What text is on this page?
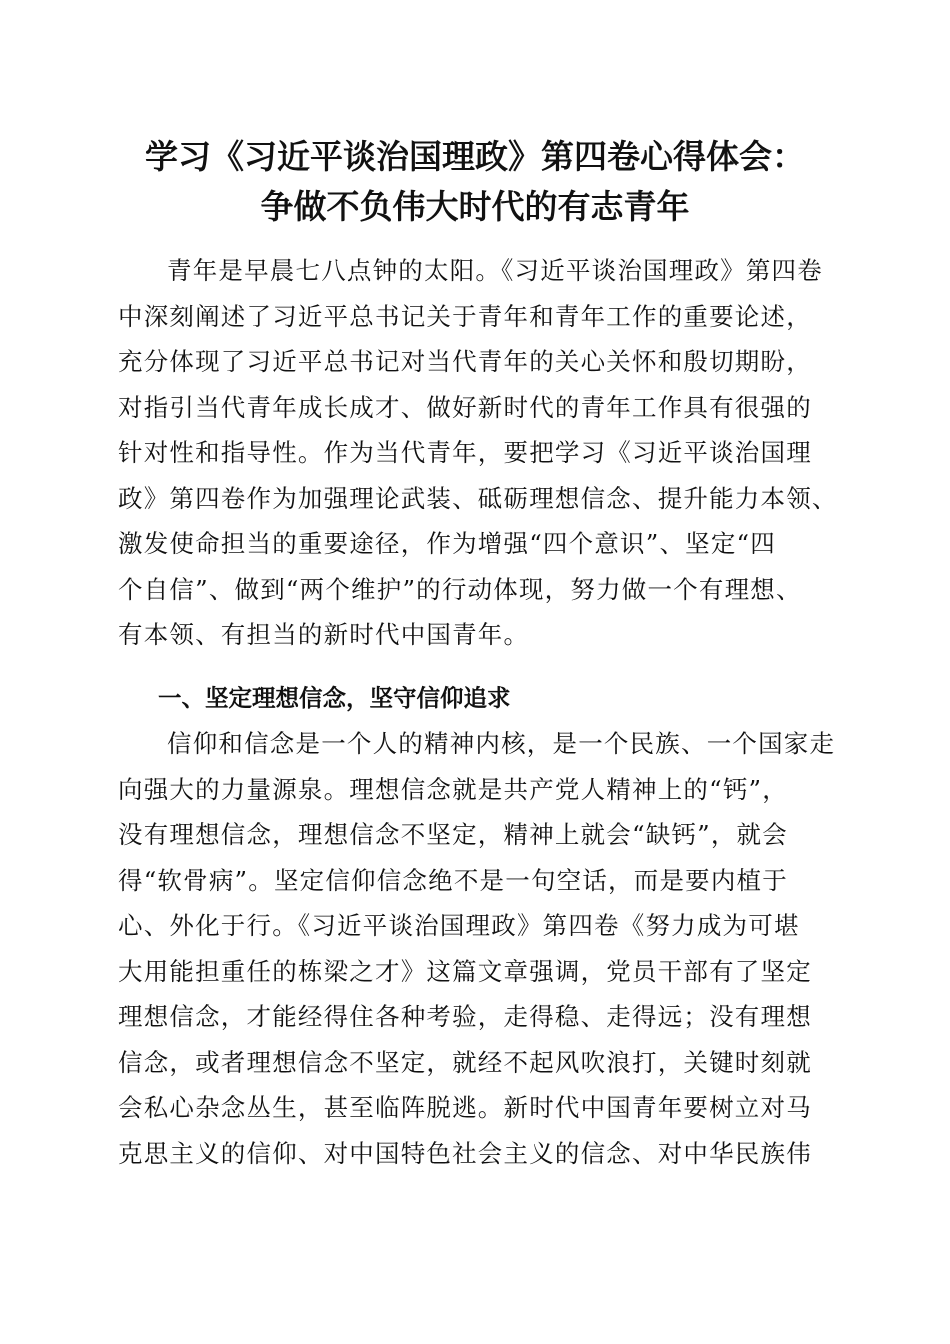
学习《习近平谈治国理政》第四卷心得体会：
争做不负伟大时代的有志青年
青年是早晨七八点钟的太阳。《习近平谈治国理政》第四卷
中深刻阐述了习近平总书记关于青年和青年工作的重要论述，
充分体现了习近平总书记对当代青年的关心关怀和殷切期盼，
对指引当代青年成长成才、做好新时代的青年工作具有很强的
针对性和指导性。作为当代青年，要把学习《习近平谈治国理
政》第四卷作为加强理论武装、砥砺理想信念、提升能力本领、
激发使命担当的重要途径，作为增强“四个意识”、坚定“四
个自信”、做到“两个维护”的行动体现，努力做一个有理想、
有本领、有担当的新时代中国青年。
一、坚定理想信念，坚守信仰追求
信仰和信念是一个人的精神内核，是一个民族、一个国家走
向强大的力量源泉。理想信念就是共产党人精神上的“钙”，
没有理想信念，理想信念不坚定，精神上就会“缺钙”，就会
得“软骨病”。坚定信仰信念绝不是一句空话，而是要内植于
心、外化于行。《习近平谈治国理政》第四卷《努力成为可堪
大用能担重任的栋梁之才》这篇文章强调，党员干部有了坚定
理想信念，才能经得住各种考验，走得稳、走得远；没有理想
信念，或者理想信念不坚定，就经不起风吹浪打，关键时刻就
会私心杂念丛生，甚至临阵脱逃。新时代中国青年要树立对马
克思主义的信仰、对中国特色社会主义的信念、对中华民族伟
